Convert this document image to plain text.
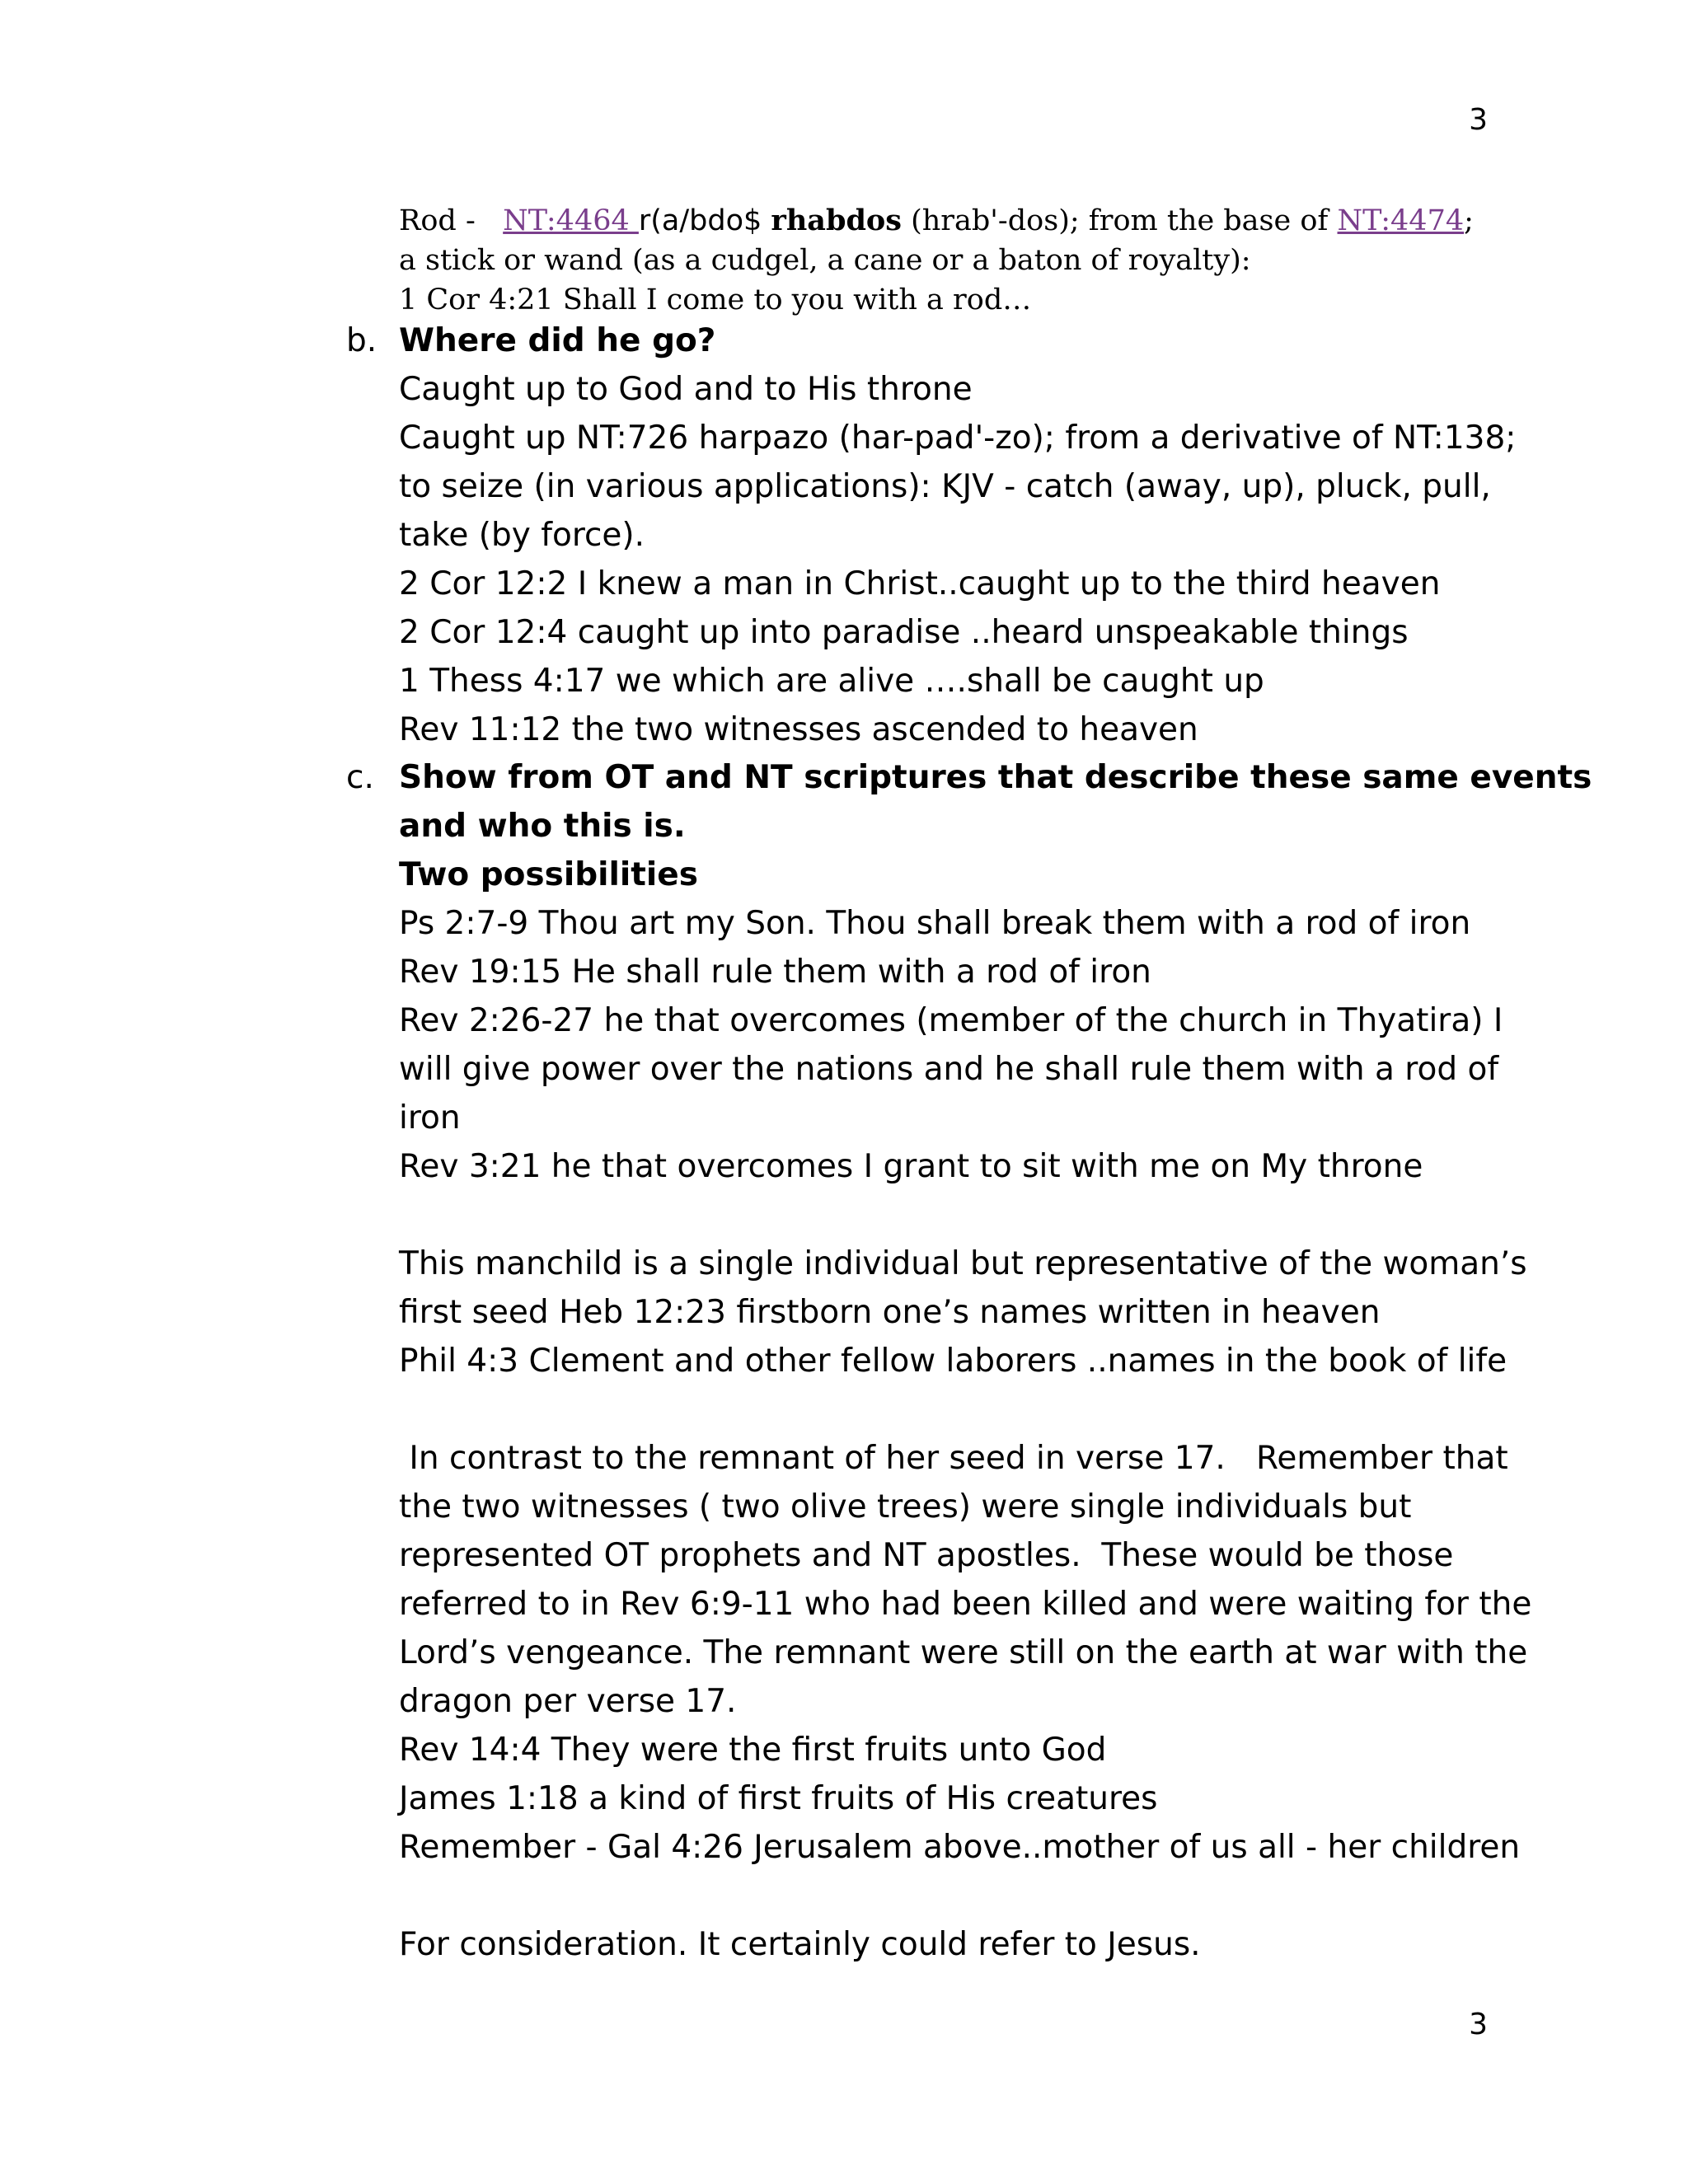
3
Rod -   NT:4464 r(a/bdo$ rhabdos (hrab'-dos); from the base of NT:4474;
a stick or wand (as a cudgel, a cane or a baton of royalty):
1 Cor 4:21 Shall I come to you with a rod…
b. Where did he go?
Caught up to God and to His throne
Caught up NT:726 harpazo (har-pad'-zo); from a derivative of NT:138;
to seize (in various applications): KJV - catch (away, up), pluck, pull,
take (by force).
2 Cor 12:2 I knew a man in Christ..caught up to the third heaven
2 Cor 12:4 caught up into paradise ..heard unspeakable things
1 Thess 4:17 we which are alive ….shall be caught up
Rev 11:12 the two witnesses ascended to heaven
c. Show from OT and NT scriptures that describe these same events
and who this is.
Two possibilities
Ps 2:7-9 Thou art my Son. Thou shall break them with a rod of iron
Rev 19:15 He shall rule them with a rod of iron
Rev 2:26-27 he that overcomes (member of the church in Thyatira) I
will give power over the nations and he shall rule them with a rod of
iron
Rev 3:21 he that overcomes I grant to sit with me on My throne
This manchild is a single individual but representative of the woman’s
first seed Heb 12:23 firstborn one’s names written in heaven
Phil 4:3 Clement and other fellow laborers ..names in the book of life
In contrast to the remnant of her seed in verse 17.   Remember that
the two witnesses ( two olive trees) were single individuals but
represented OT prophets and NT apostles.  These would be those
referred to in Rev 6:9-11 who had been killed and were waiting for the
Lord’s vengeance. The remnant were still on the earth at war with the
dragon per verse 17.
Rev 14:4 They were the first fruits unto God
James 1:18 a kind of first fruits of His creatures
Remember - Gal 4:26 Jerusalem above..mother of us all - her children
For consideration. It certainly could refer to Jesus.
3
